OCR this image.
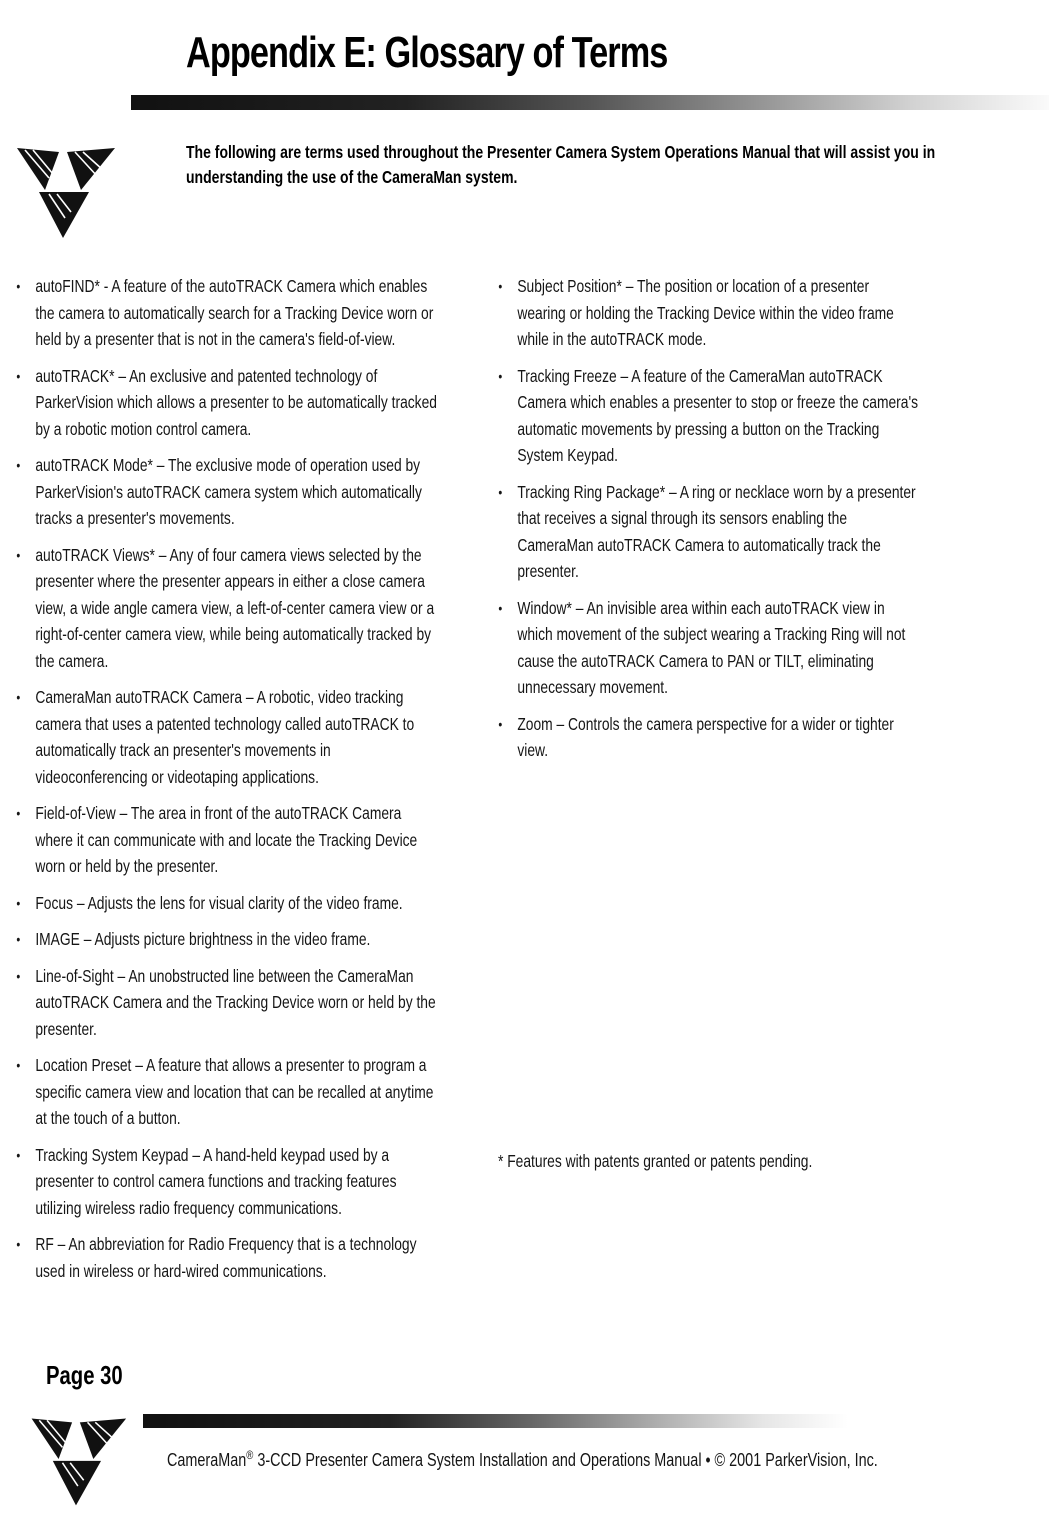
Appendix E: Glossary of Terms
The following are terms used throughout the Presenter Camera System Operations Manual that will assist you in understanding the use of the CameraMan system.
• autoFIND* - A feature of the autoTRACK Camera which enables the camera to automatically search for a Tracking Device worn or held by a presenter that is not in the camera's field-of-view.
• autoTRACK* – An exclusive and patented technology of ParkerVision which allows a presenter to be automatically tracked by a robotic motion control camera.
• autoTRACK Mode* – The exclusive mode of operation used by ParkerVision's autoTRACK camera system which automatically tracks a presenter's movements.
• autoTRACK Views* – Any of four camera views selected by the presenter where the presenter appears in either a close camera view, a wide angle camera view, a left-of-center camera view or a right-of-center camera view, while being automatically tracked by the camera.
• CameraMan autoTRACK Camera – A robotic, video tracking camera that uses a patented technology called autoTRACK to automatically track an presenter's movements in videoconferencing or videotaping applications.
• Field-of-View – The area in front of the autoTRACK Camera where it can communicate with and locate the Tracking Device worn or held by the presenter.
• Focus – Adjusts the lens for visual clarity of the video frame.
• IMAGE – Adjusts picture brightness in the video frame.
• Line-of-Sight – An unobstructed line between the CameraMan autoTRACK Camera and the Tracking Device worn or held by the presenter.
• Location Preset – A feature that allows a presenter to program a specific camera view and location that can be recalled at anytime at the touch of a button.
• Tracking System Keypad – A hand-held keypad used by a presenter to control camera functions and tracking features utilizing wireless radio frequency communications.
• RF – An abbreviation for Radio Frequency that is a technology used in wireless or hard-wired communications.
• Subject Position* – The position or location of a presenter wearing or holding the Tracking Device within the video frame while in the autoTRACK mode.
• Tracking Freeze – A feature of the CameraMan autoTRACK Camera which enables a presenter to stop or freeze the camera's automatic movements by pressing a button on the Tracking System Keypad.
• Tracking Ring Package* – A ring or necklace worn by a presenter that receives a signal through its sensors enabling the CameraMan autoTRACK Camera to automatically track the presenter.
• Window* – An invisible area within each autoTRACK view in which movement of the subject wearing a Tracking Ring will not cause the autoTRACK Camera to PAN or TILT, eliminating unnecessary movement.
• Zoom – Controls the camera perspective for a wider or tighter view.
* Features with patents granted or patents pending.
Page 30
CameraMan® 3-CCD Presenter Camera System Installation and Operations Manual • © 2001 ParkerVision, Inc.
